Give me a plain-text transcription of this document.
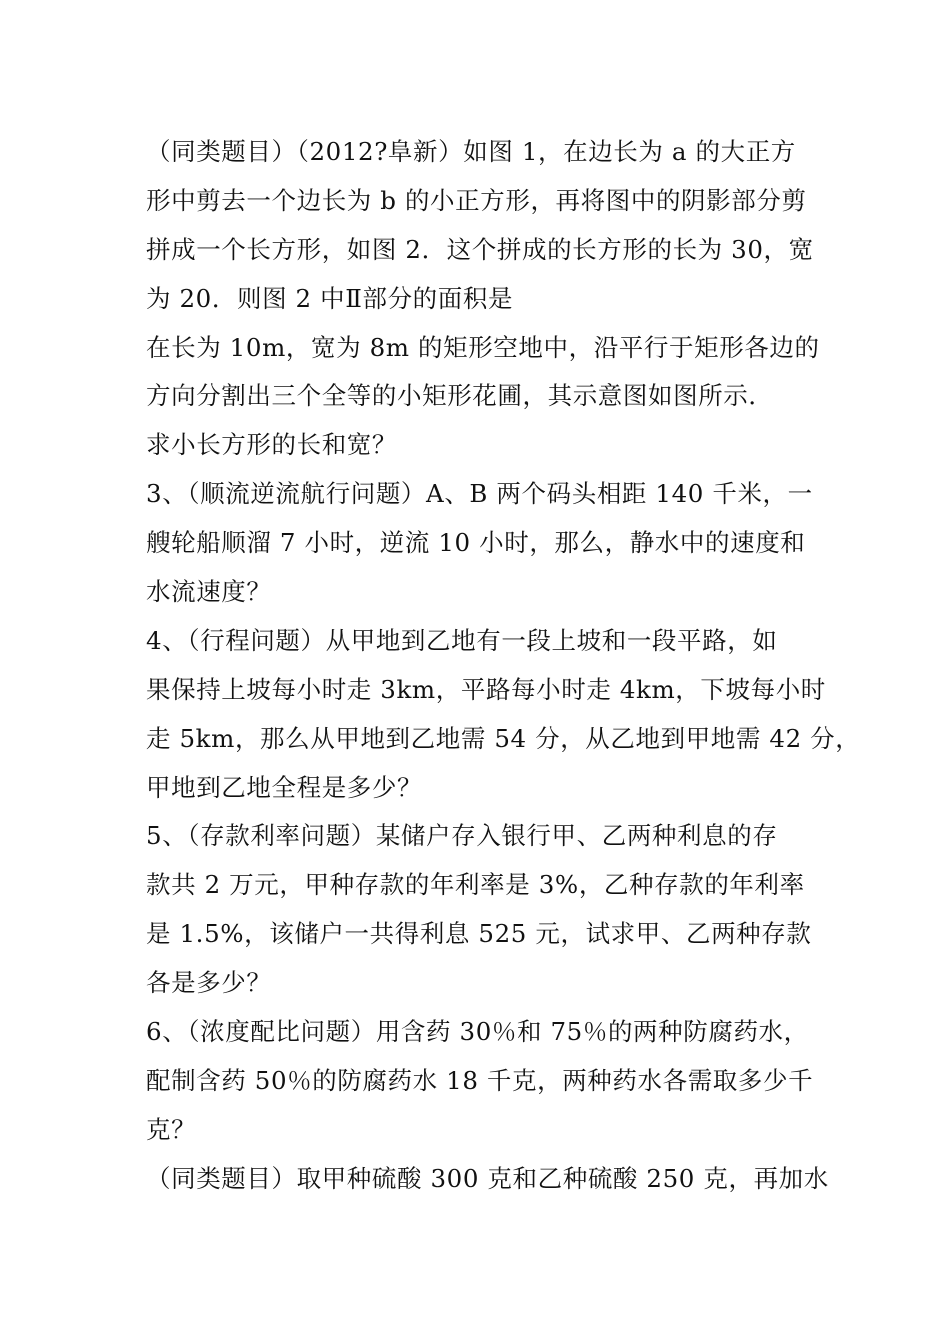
（同类题目）（2012?阜新）如图 1，在边长为 a 的大正方
形中剪去一个边长为 b 的小正方形，再将图中的阴影部分剪
拼成一个长方形，如图 2．这个拼成的长方形的长为 30，宽
为 20．则图 2 中Ⅱ部分的面积是
在长为 10m，宽为 8m 的矩形空地中，沿平行于矩形各边的
方向分割出三个全等的小矩形花圃，其示意图如图所示．
求小长方形的长和宽？
3、（顺流逆流航行问题）A、B 两个码头相距 140 千米，一
艘轮船顺溜 7 小时，逆流 10 小时，那么，静水中的速度和
水流速度？
4、（行程问题）从甲地到乙地有一段上坡和一段平路，如
果保持上坡每小时走 3km，平路每小时走 4km，下坡每小时
走 5km，那么从甲地到乙地需 54 分，从乙地到甲地需 42 分，
甲地到乙地全程是多少？
5、（存款利率问题）某储户存入银行甲、乙两种利息的存
款共 2 万元，甲种存款的年利率是 3%，乙种存款的年利率
是 1.5%，该储户一共得利息 525 元，试求甲、乙两种存款
各是多少？
6、（浓度配比问题）用含药 30％和 75％的两种防腐药水，
配制含药 50％的防腐药水 18 千克，两种药水各需取多少千
克？
（同类题目）取甲种硫酸 300 克和乙种硫酸 250 克，再加水
